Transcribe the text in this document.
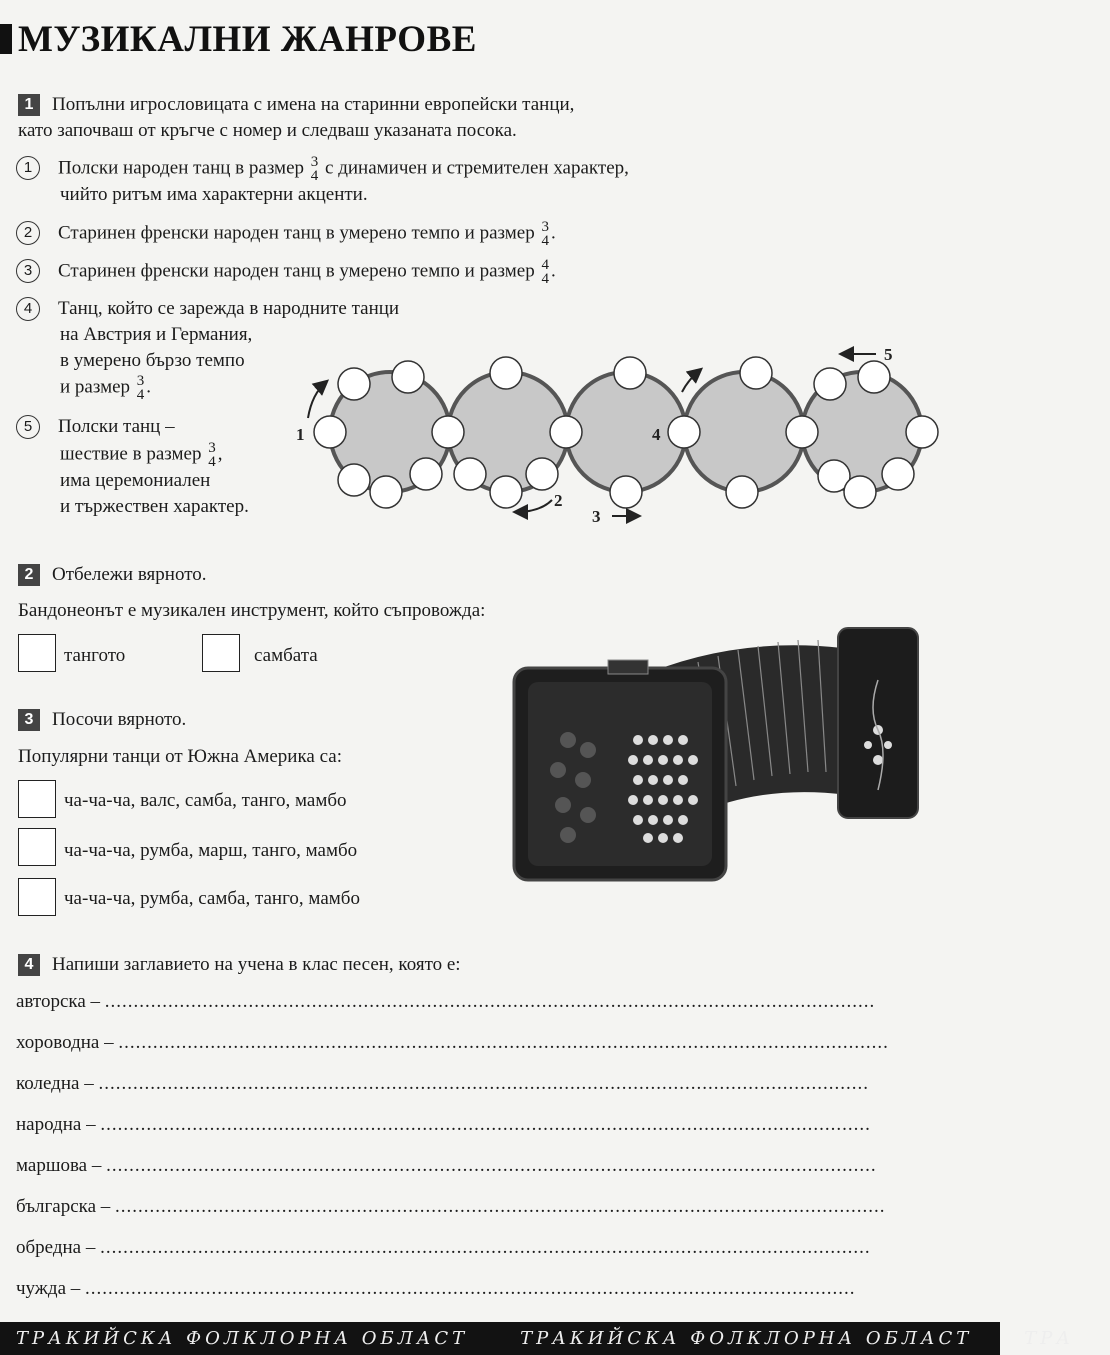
МУЗИКАЛНИ ЖАНРОВЕ
1 Попълни игрословицата с имена на старинни европейски танци,
като започваш от кръгче с номер и следваш указаната посока.
1 Полски народен танц в размер 3
4 с динамичен и стремителен характер,
чийто ритъм има характерни акценти.
2 Старинен френски народен танц в умерено темпо и размер 3
4 .
3 Старинен френски народен танц в умерено темпо и размер 4
4 .
4 Танц, който се зарежда в народните танци
на Австрия и Германия,
в умерено бързо темпо
и размер 3
4 .
5 Полски танц –
шествие в размер 3
4 ,
има церемониален
и тържествен характер.
1
2
3
4
5
2 Отбележи вярното.
Бандонеонът е музикален инструмент, който съпровожда:
тангото	самбата
3 Посочи вярното.
Популярни танци от Южна Америка са:
ча-ча-ча, валс, самба, танго, мамбо
ча-ча-ча, румба, марш, танго, мамбо
ча-ча-ча, румба, самба, танго, мамбо
4 Напиши заглавието на учена в клас песен, която е:
авторска – ......................................................................................................................................
хороводна – ......................................................................................................................................
коледна – ......................................................................................................................................
народна – ......................................................................................................................................
маршова – ......................................................................................................................................
българска – ......................................................................................................................................
обредна – ......................................................................................................................................
чужда – ......................................................................................................................................
ТРАКИЙСКА ФОЛКЛОРНА ОБЛАСТ	ТРАКИЙСКА ФОЛКЛОРНА ОБЛАСТ	ТРА
